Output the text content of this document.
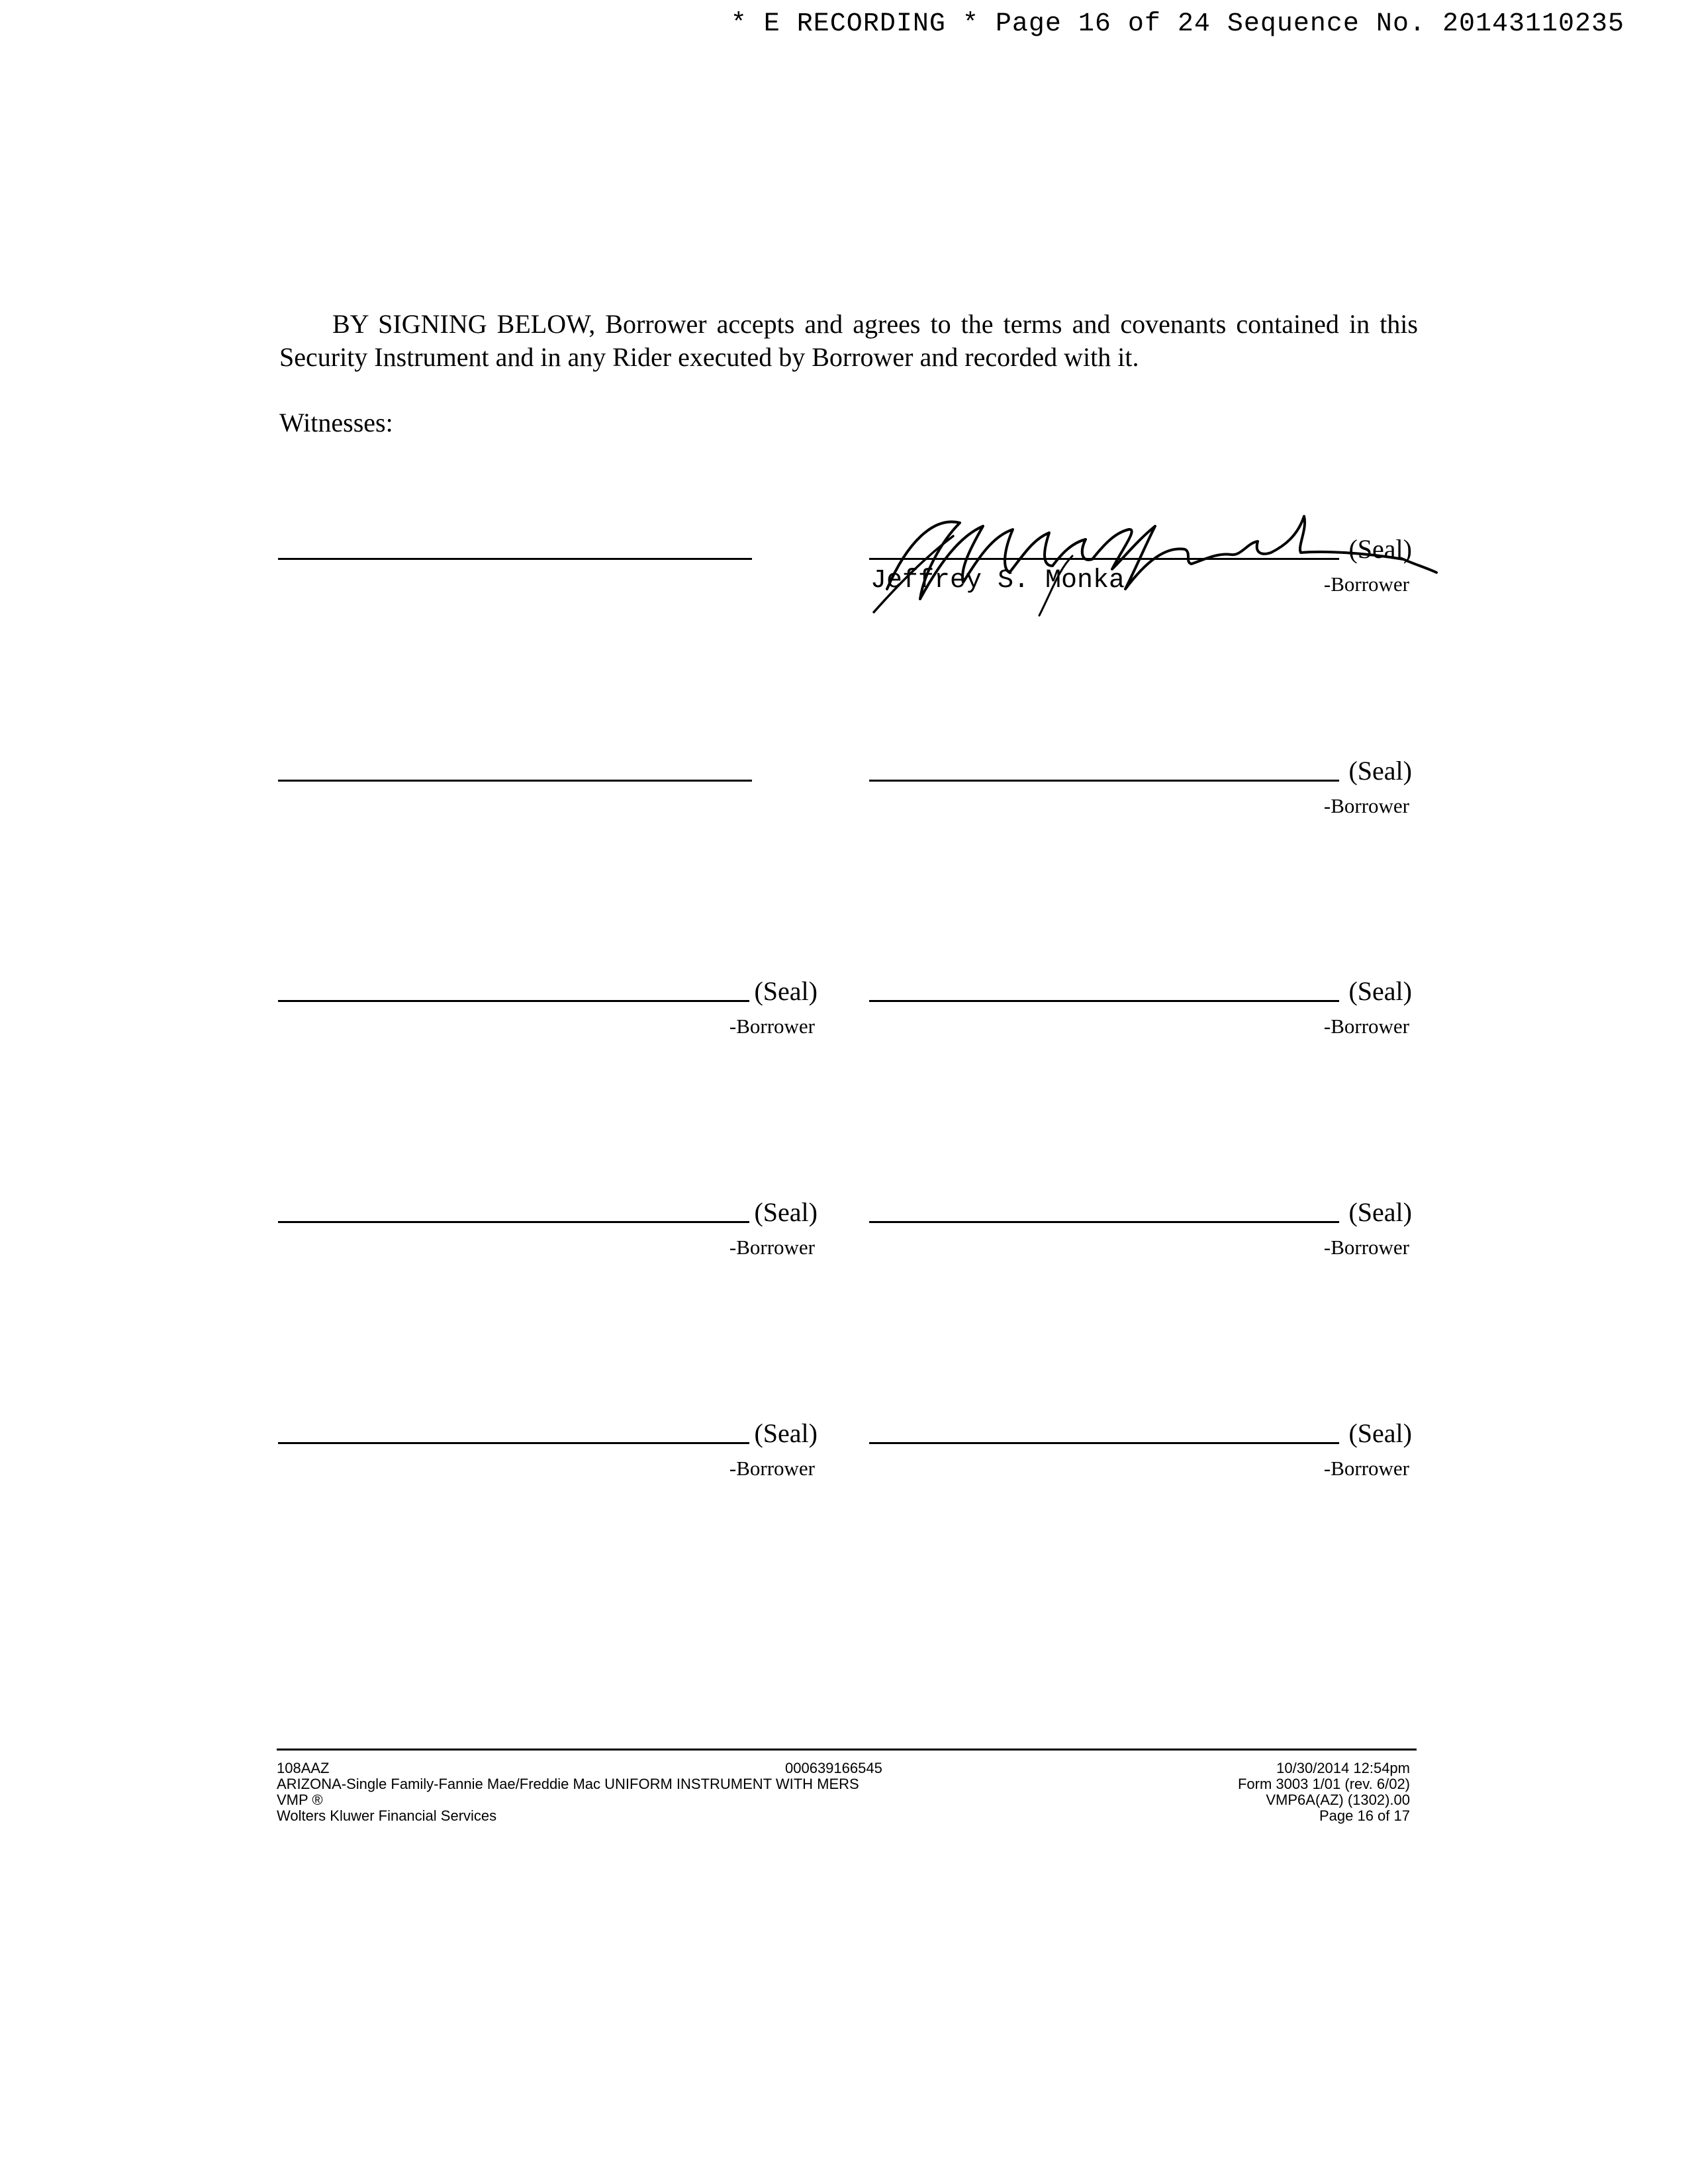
* E RECORDING * Page 16 of 24 Sequence No. 20143110235

BY SIGNING BELOW, Borrower accepts and agrees to the terms and covenants contained in this Security Instrument and in any Rider executed by Borrower and recorded with it.

Witnesses:

(Seal)
Jeffrey S. Monka	-Borrower
(Seal)
-Borrower
(Seal)
-Borrower
(Seal)
-Borrower
(Seal)
-Borrower
(Seal)
-Borrower
(Seal)
-Borrower
(Seal)
-Borrower
108AAZ
ARIZONA-Single Family-Fannie Mae/Freddie Mac UNIFORM INSTRUMENT WITH MERS
VMP ®
Wolters Kluwer Financial Services
000639166545	10/30/2014 12:54pm
Form 3003 1/01 (rev. 6/02)
VMP6A(AZ) (1302).00
Page 16 of 17
